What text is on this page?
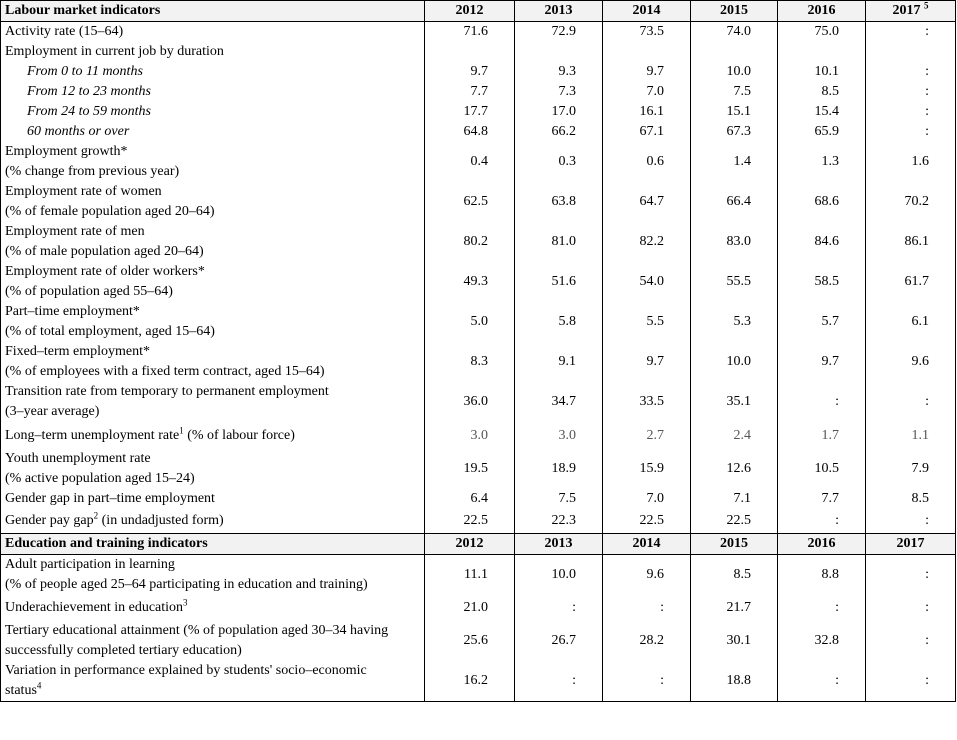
Labour market indicators	2012	2013	2014	2015	2016	2017 $^5$
Activity rate (15–64)	71.6	72.9	73.5	74.0	75.0	:
Employment in current job by duration						
From 0 to 11 months	9.7	9.3	9.7	10.0	10.1	:
From 12 to 23 months	7.7	7.3	7.0	7.5	8.5	:
From 24 to 59 months	17.7	17.0	16.1	15.1	15.4	:
60 months or over	64.8	66.2	67.1	67.3	65.9	:
Employment growth*
(% change from previous year)	0.4	0.3	0.6	1.4	1.3	1.6
Employment rate of women
(% of female population aged 20–64)	62.5	63.8	64.7	66.4	68.6	70.2
Employment rate of men
(% of male population aged 20–64)	80.2	81.0	82.2	83.0	84.6	86.1
Employment rate of older workers*
(% of population aged 55–64)	49.3	51.6	54.0	55.5	58.5	61.7
Part–time employment*
(% of total employment, aged 15–64)	5.0	5.8	5.5	5.3	5.7	6.1
Fixed–term employment*
(% of employees with a fixed term contract, aged 15–64)	8.3	9.1	9.7	10.0	9.7	9.6
Transition rate from temporary to permanent employment
(3–year average)	36.0	34.7	33.5	35.1	:	:
Long–term unemployment rate$^1$ (% of labour force)	3.0	3.0	2.7	2.4	1.7	1.1
Youth unemployment rate
(% active population aged 15–24)	19.5	18.9	15.9	12.6	10.5	7.9
Gender gap in part–time employment	6.4	7.5	7.0	7.1	7.7	8.5
Gender pay gap$^2$ (in undadjusted form)	22.5	22.3	22.5	22.5	:	:
Education and training indicators	2012	2013	2014	2015	2016	2017
Adult participation in learning
(% of people aged 25–64 participating in education and training)	11.1	10.0	9.6	8.5	8.8	:
Underachievement in education$^3$	21.0	:	:	21.7	:	:
Tertiary educational attainment (% of population aged 30–34 having
successfully completed tertiary education)	25.6	26.7	28.2	30.1	32.8	:
Variation in performance explained by students' socio–economic
status$^4$	16.2	:	:	18.8	:	:
